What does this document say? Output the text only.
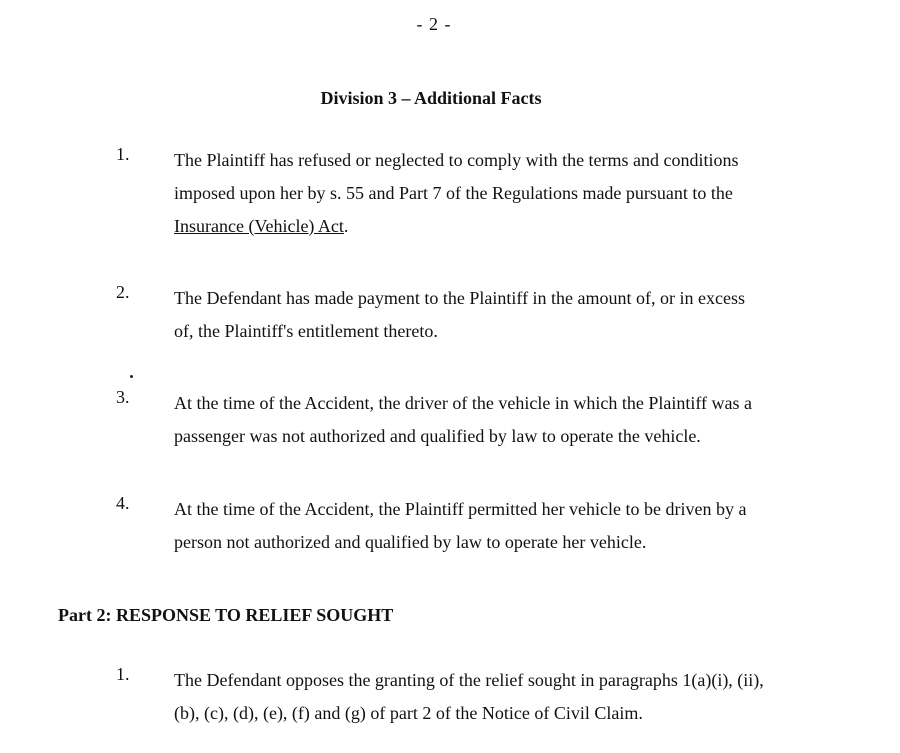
- 2 -
Division 3 – Additional Facts
1. The Plaintiff has refused or neglected to comply with the terms and conditions
imposed upon her by s. 55 and Part 7 of the Regulations made pursuant to the
Insurance (Vehicle) Act.
2. The Defendant has made payment to the Plaintiff in the amount of, or in excess
of, the Plaintiff's entitlement thereto.
3. At the time of the Accident, the driver of the vehicle in which the Plaintiff was a
passenger was not authorized and qualified by law to operate the vehicle.
4. At the time of the Accident, the Plaintiff permitted her vehicle to be driven by a
person not authorized and qualified by law to operate her vehicle.
Part 2: RESPONSE TO RELIEF SOUGHT
1. The Defendant opposes the granting of the relief sought in paragraphs 1(a)(i), (ii),
(b), (c), (d), (e), (f) and (g) of part 2 of the Notice of Civil Claim.
